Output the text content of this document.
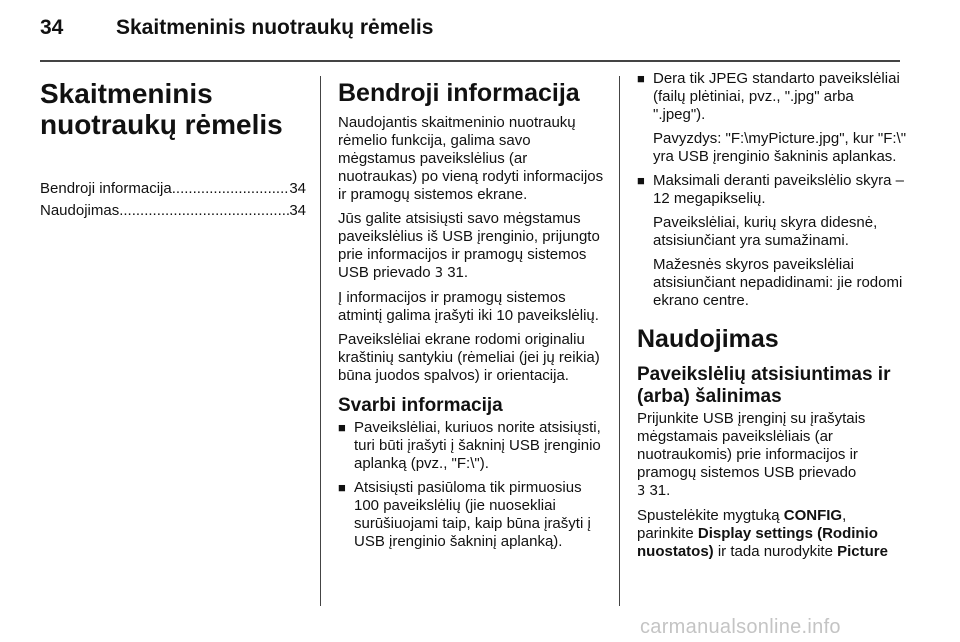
34	Skaitmeninis nuotraukų rėmelis
Skaitmeninis
nuotraukų rėmelis
Bendroji informacija .....	34
Naudojimas .....	34
Bendroji informacija

Naudojantis skaitmeninio nuotraukų rėmelio funkcija, galima savo mėgstamus paveikslėlius (ar nuotraukas) po vieną rodyti informacijos ir pramogų sistemos ekrane.

Jūs galite atsisiųsti savo mėgstamus paveikslėlius iš USB įrenginio, prijungto prie informacijos ir pramogų sistemos USB prievado 3 31.

Į informacijos ir pramogų sistemos atmintį galima įrašyti iki 10 paveikslėlių.

Paveikslėliai ekrane rodomi originaliu kraštinių santykiu (rėmeliai (jei jų reikia) būna juodos spalvos) ir orientacija.

Svarbi informacija
■ Paveikslėliai, kuriuos norite atsisiųsti, turi būti įrašyti į šakninį USB įrenginio aplanką (pvz., "F:\").
■ Atsisiųsti pasiūloma tik pirmuosius 100 paveikslėlių (jie nuosekliai surūšiuojami taip, kaip būna įrašyti į USB įrenginio šakninį aplanką).
■ Dera tik JPEG standarto paveikslėliai (failų plėtiniai, pvz., ".jpg" arba ".jpeg").

Pavyzdys: "F:\myPicture.jpg", kur "F:\" yra USB įrenginio šakninis aplankas.

■ Maksimali deranti paveikslėlio skyra – 12 megapikselių.

Paveikslėliai, kurių skyra didesnė, atsisiunčiant yra sumažinami.

Mažesnės skyros paveikslėliai atsisiunčiant nepadidinami: jie rodomi ekrano centre.

Naudojimas
Paveikslėlių atsisiuntimas ir (arba) šalinimas

Prijunkite USB įrenginį su įrašytais mėgstamais paveikslėliais (ar nuotraukomis) prie informacijos ir pramogų sistemos USB prievado
3 31.

Spustelėkite mygtuką CONFIG, parinkite Display settings (Rodinio nuostatos) ir tada nurodykite Picture

carmanualsonline.info
